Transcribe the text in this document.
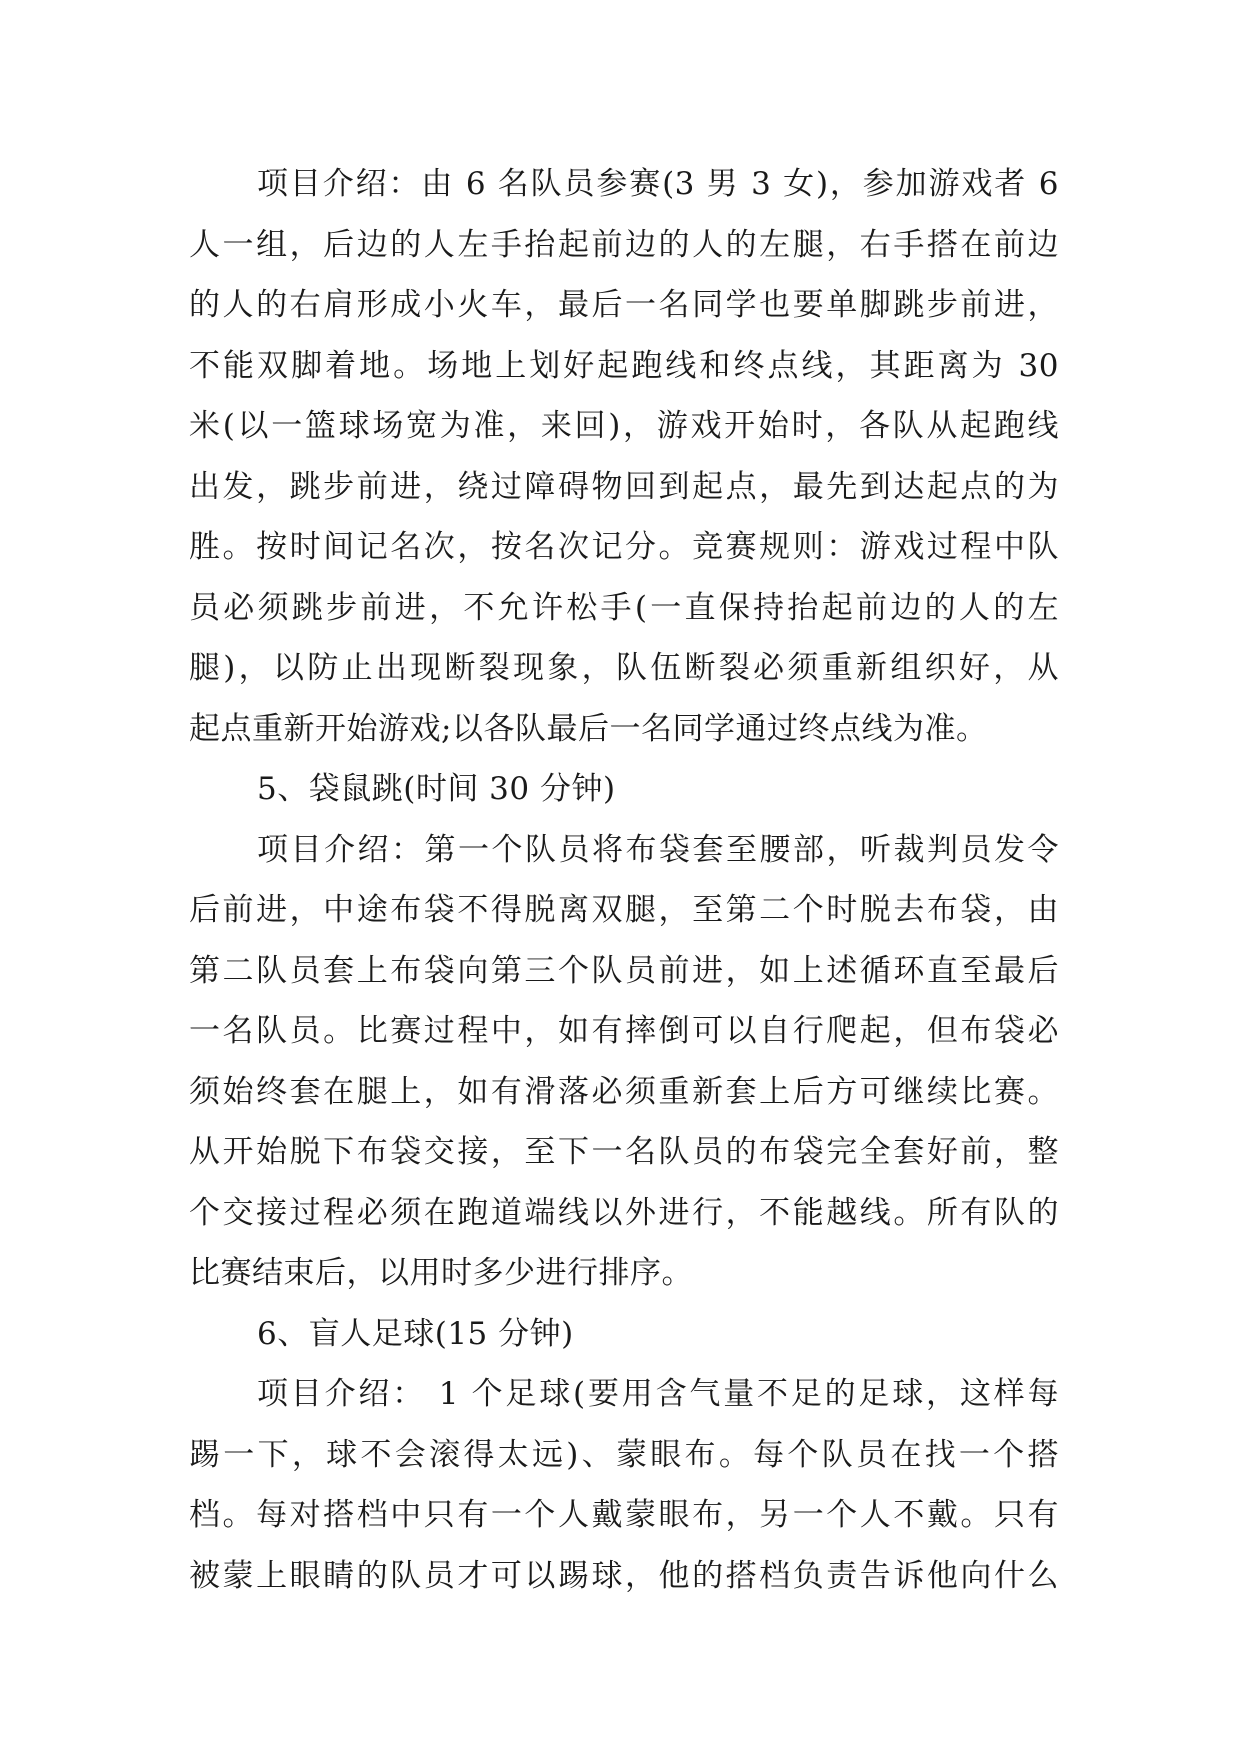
项目介绍：由 6 名队员参赛(3 男 3 女)，参加游戏者 6
人一组，后边的人左手抬起前边的人的左腿，右手搭在前边
的人的右肩形成小火车，最后一名同学也要单脚跳步前进，
不能双脚着地。场地上划好起跑线和终点线，其距离为 30
米(以一篮球场宽为准，来回)，游戏开始时，各队从起跑线
出发，跳步前进，绕过障碍物回到起点，最先到达起点的为
胜。按时间记名次，按名次记分。竞赛规则：游戏过程中队
员必须跳步前进，不允许松手(一直保持抬起前边的人的左
腿)，以防止出现断裂现象，队伍断裂必须重新组织好，从
起点重新开始游戏;以各队最后一名同学通过终点线为准。
5、袋鼠跳(时间 30 分钟)
项目介绍：第一个队员将布袋套至腰部，听裁判员发令
后前进，中途布袋不得脱离双腿，至第二个时脱去布袋，由
第二队员套上布袋向第三个队员前进，如上述循环直至最后
一名队员。比赛过程中，如有摔倒可以自行爬起，但布袋必
须始终套在腿上，如有滑落必须重新套上后方可继续比赛。
从开始脱下布袋交接，至下一名队员的布袋完全套好前，整
个交接过程必须在跑道端线以外进行，不能越线。所有队的
比赛结束后，以用时多少进行排序。
6、盲人足球(15 分钟)
项目介绍： 1 个足球(要用含气量不足的足球，这样每
踢一下，球不会滚得太远)、蒙眼布。每个队员在找一个搭
档。每对搭档中只有一个人戴蒙眼布，另一个人不戴。只有
被蒙上眼睛的队员才可以踢球，他的搭档负责告诉他向什么
